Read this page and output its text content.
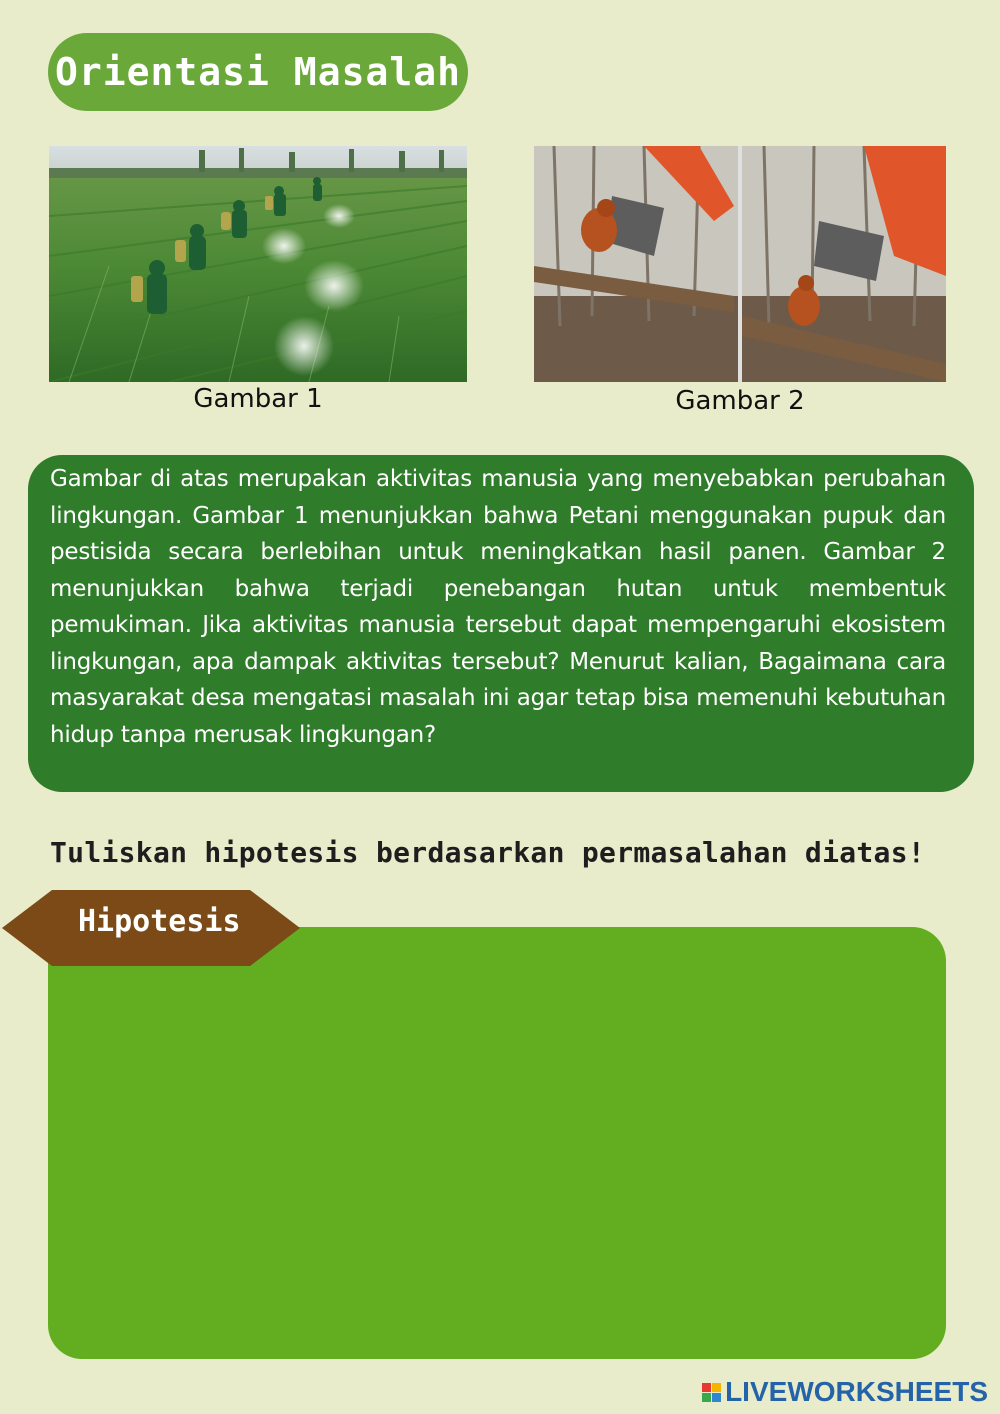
Orientasi Masalah
Gambar 1	Gambar 2

Gambar di atas merupakan aktivitas manusia yang menyebabkan perubahan lingkungan. Gambar 1 menunjukkan bahwa Petani menggunakan pupuk dan pestisida secara berlebihan untuk meningkatkan hasil panen. Gambar 2 menunjukkan bahwa terjadi penebangan hutan untuk membentuk pemukiman. Jika aktivitas manusia tersebut dapat mempengaruhi ekosistem lingkungan, apa dampak aktivitas tersebut? Menurut kalian, Bagaimana cara masyarakat desa mengatasi masalah ini agar tetap bisa memenuhi kebutuhan hidup tanpa merusak lingkungan?

Tuliskan hipotesis berdasarkan permasalahan diatas!
Hipotesis
LIVEWORKSHEETS
